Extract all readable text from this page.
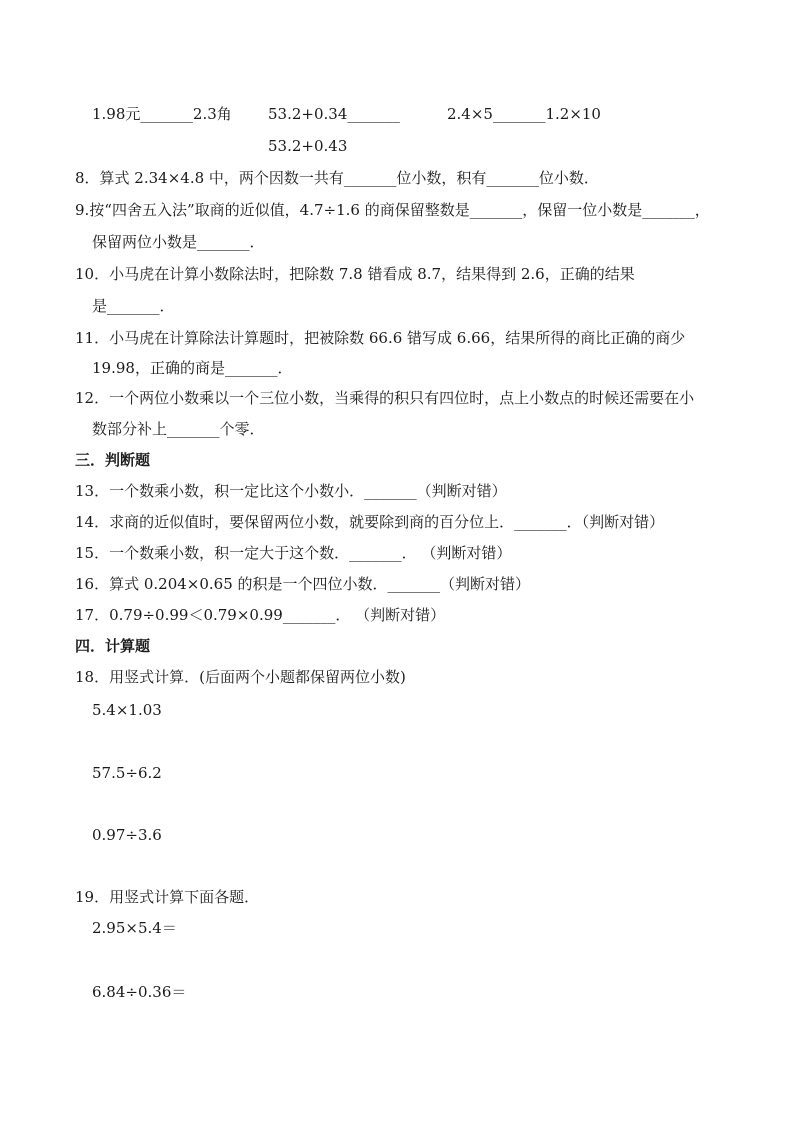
1.98元_______2.3角 53.2+0.34_______	2.4×5_______1.2×10
53.2+0.43
8．算式 2.34×4.8 中，两个因数一共有_______位小数，积有_______位小数．
9.按“四舍五入法”取商的近似值，4.7÷1.6 的商保留整数是_______，保留一位小数是_______，
保留两位小数是_______．
10．小马虎在计算小数除法时，把除数 7.8 错看成 8.7，结果得到 2.6，正确的结果
是_______．
11．小马虎在计算除法计算题时，把被除数 66.6 错写成 6.66，结果所得的商比正确的商少
19.98，正确的商是_______．
12．一个两位小数乘以一个三位小数，当乘得的积只有四位时，点上小数点的时候还需要在小
数部分补上_______个零．
三．判断题
13．一个数乘小数，积一定比这个小数小．_______（判断对错）
14．求商的近似值时，要保留两位小数，就要除到商的百分位上．_______．（判断对错）
15．一个数乘小数，积一定大于这个数．_______． （判断对错）
16．算式 0.204×0.65 的积是一个四位小数．_______（判断对错）
17．0.79÷0.99＜0.79×0.99_______． （判断对错）
四．计算题
18．用竖式计算．(后面两个小题都保留两位小数)
5.4×1.03
57.5÷6.2
0.97÷3.6
19．用竖式计算下面各题．
2.95×5.4＝
6.84÷0.36＝
